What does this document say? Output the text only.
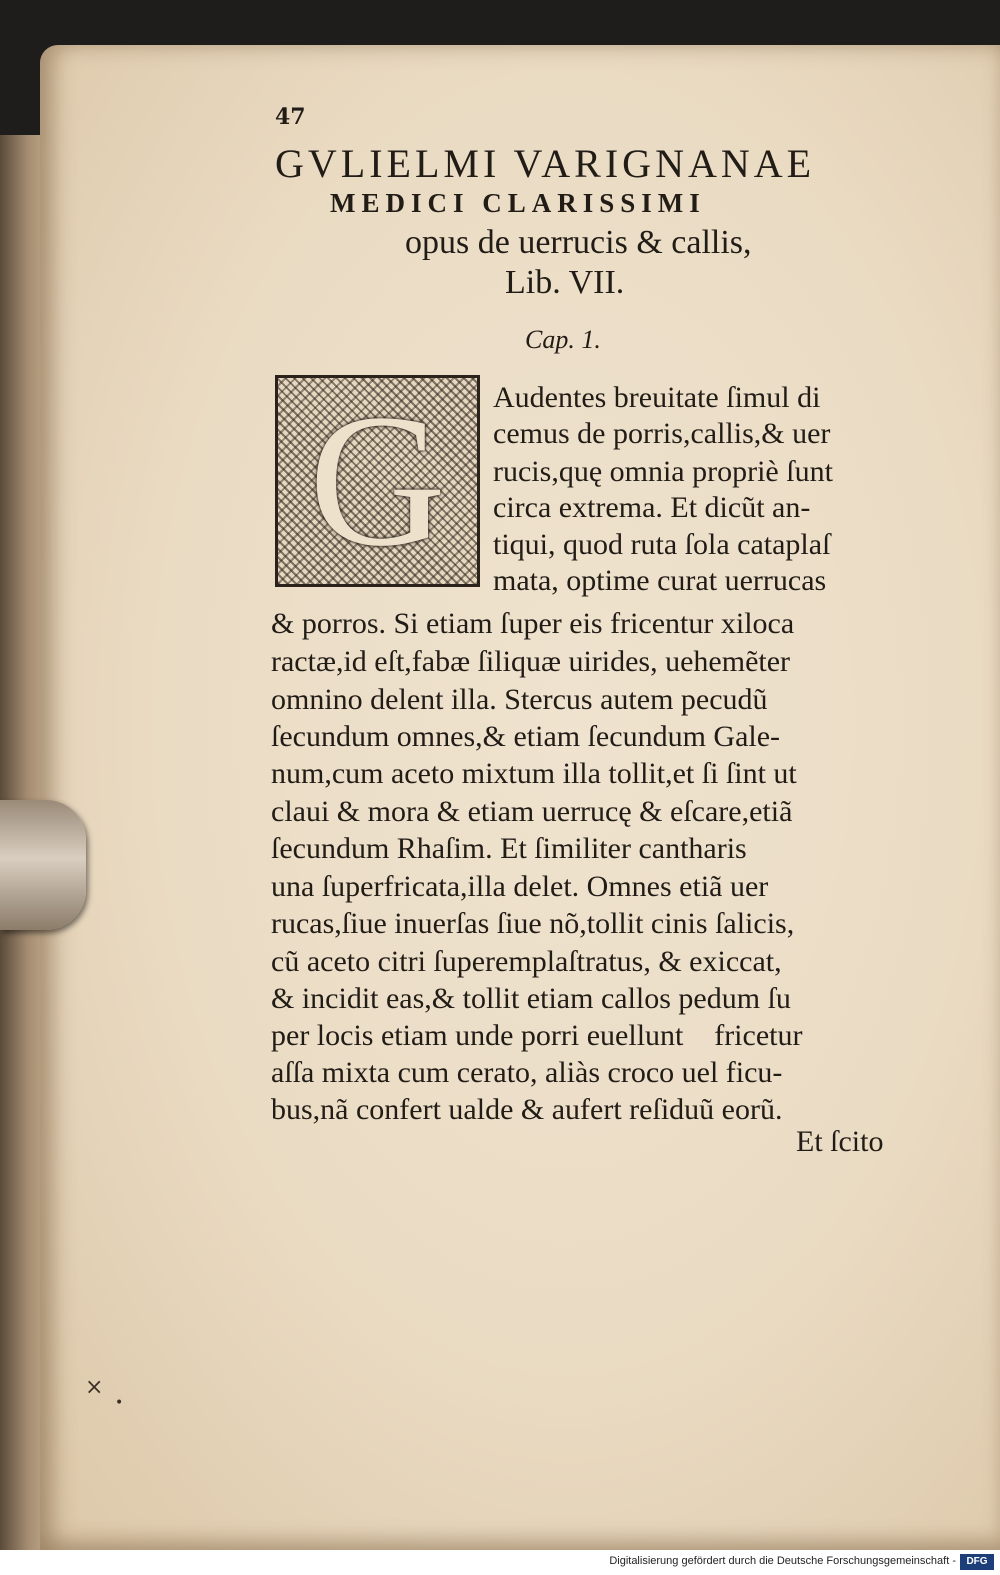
47
GVLIELMI VARIGNANAE
MEDICI CLARISSIMI
opus de uerrucis & callis,
Lib. VII.
Cap. 1.
G	Audentes breuitate ſimul di
cemus de porris,callis,& uer
rucis,quę omnia propriè ſunt
circa extrema. Et dicũt an-
tiqui, quod ruta ſola cataplaſ
mata, optime curat uerrucas
& porros. Si etiam ſuper eis fricentur xiloca
ractæ,id eſt,fabæ ſiliquæ uirides, uehemẽter
omnino delent illa. Stercus autem pecudũ
ſecundum omnes,& etiam ſecundum Gale-
num,cum aceto mixtum illa tollit,et ſi ſint ut
claui & mora & etiam uerrucę & eſcare,etiã
ſecundum Rhaſim. Et ſimiliter cantharis
una ſuperfricata,illa delet. Omnes etiã uer
rucas,ſiue inuerſas ſiue nõ,tollit cinis ſalicis,
cũ aceto citri ſuperemplaſtratus, & exiccat,
& incidit eas,& tollit etiam callos pedum ſu
per locis etiam unde porri euelluntᷓ fricetur
aſſa mixta cum cerato, aliàs croco uel ficu-
bus,nã confert ualde & aufert reſiduũ eorũ.
Et ſcito
×
•
Digitalisierung gefördert durch die Deutsche Forschungsgemeinschaft -	DFG
